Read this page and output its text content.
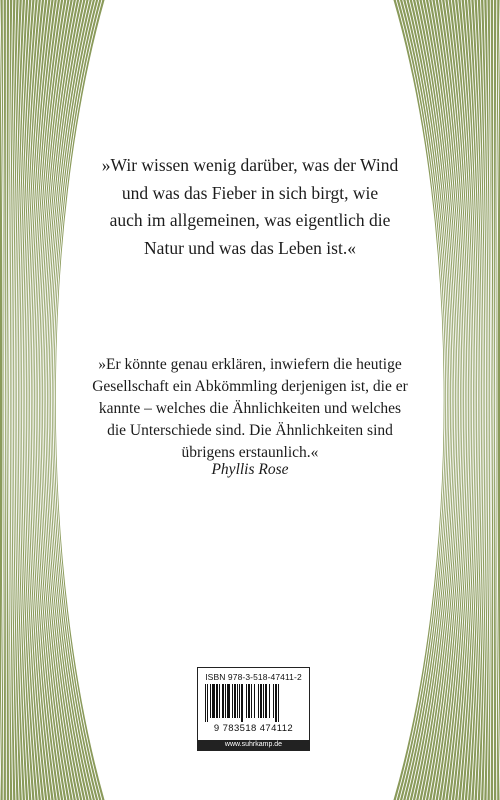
»Wir wissen wenig darüber, was der Wind
und was das Fieber in sich birgt, wie
auch im allgemeinen, was eigentlich die
Natur und was das Leben ist.«

»Er könnte genau erklären, inwiefern die heutige
Gesellschaft ein Abkömmling derjenigen ist, die er
kannte – welches die Ähnlichkeiten und welches
die Unterschiede sind. Die Ähnlichkeiten sind
übrigens erstaunlich.«

Phyllis Rose

ISBN 978-3-518-47411-2
9 783518 474112
www.suhrkamp.de
